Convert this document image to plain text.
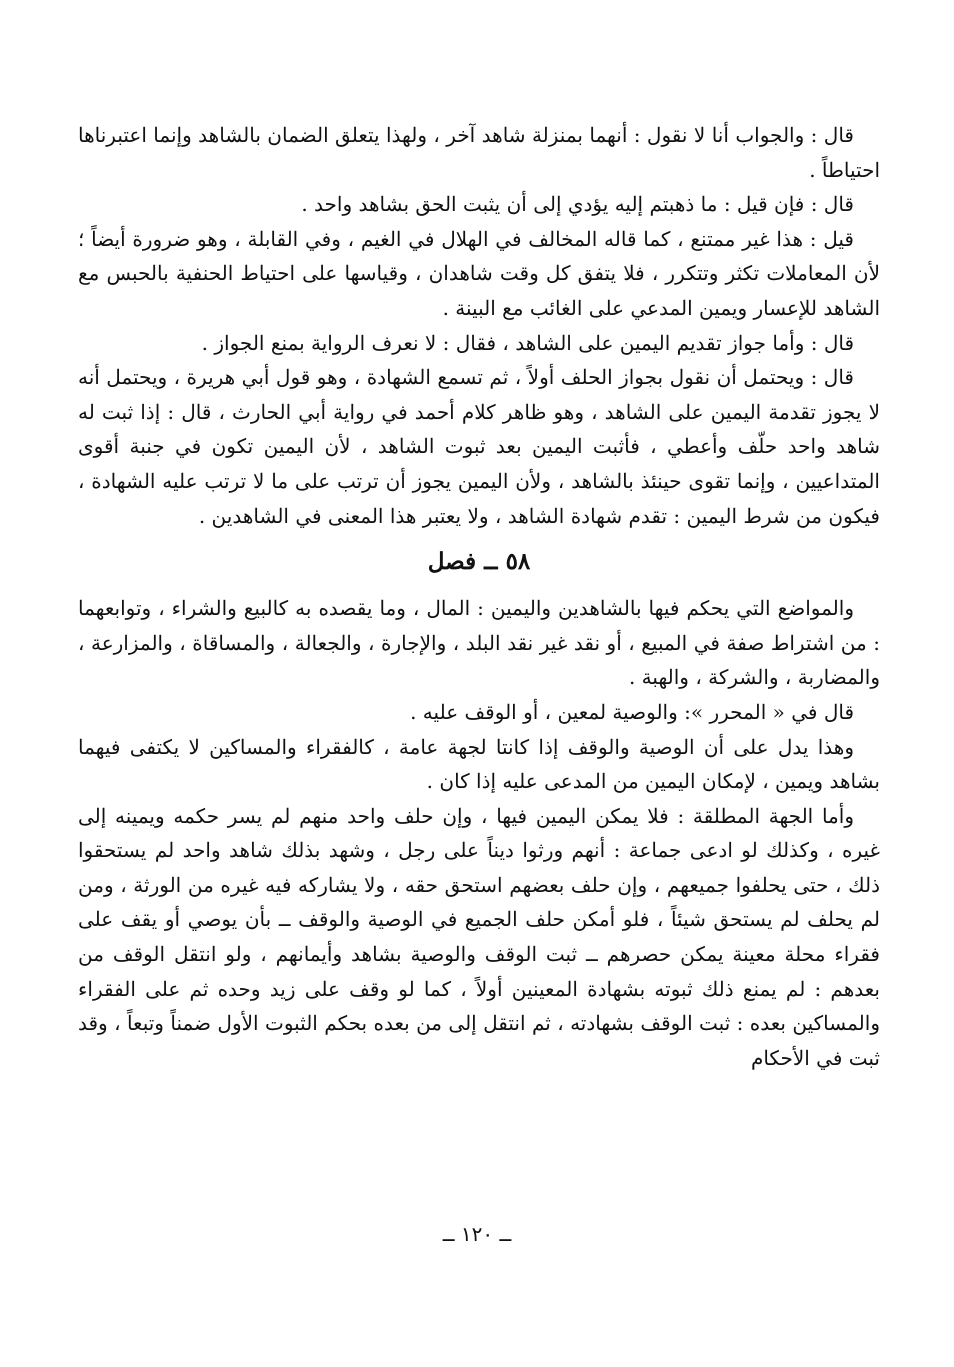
قال : والجواب أنا لا نقول : أنهما بمنزلة شاهد آخر ، ولهذا يتعلق الضمان بالشاهد وإنما اعتبرناها احتياطاً .

قال : فإن قيل : ما ذهبتم إليه يؤدي إلى أن يثبت الحق بشاهد واحد .

قيل : هذا غير ممتنع ، كما قاله المخالف في الهلال في الغيم ، وفي القابلة ، وهو ضرورة أيضاً ؛ لأن المعاملات تكثر وتتكرر ، فلا يتفق كل وقت شاهدان ، وقياسها على احتياط الحنفية بالحبس مع الشاهد للإعسار ويمين المدعي على الغائب مع البينة .

قال : وأما جواز تقديم اليمين على الشاهد ، فقال : لا نعرف الرواية بمنع الجواز .

قال : ويحتمل أن نقول بجواز الحلف أولاً ، ثم تسمع الشهادة ، وهو قول أبي هريرة ، ويحتمل أنه لا يجوز تقدمة اليمين على الشاهد ، وهو ظاهر كلام أحمد في رواية أبي الحارث ، قال : إذا ثبت له شاهد واحد حلّف وأعطي ، فأثبت اليمين بعد ثبوت الشاهد ، لأن اليمين تكون في جنبة أقوى المتداعيين ، وإنما تقوى حينئذ بالشاهد ، ولأن اليمين يجوز أن ترتب على ما لا ترتب عليه الشهادة ، فيكون من شرط اليمين : تقدم شهادة الشاهد ، ولا يعتبر هذا المعنى في الشاهدين .

٥٨ ــ فصل

والمواضع التي يحكم فيها بالشاهدين واليمين : المال ، وما يقصده به كالبيع والشراء ، وتوابعهما : من اشتراط صفة في المبيع ، أو نقد غير نقد البلد ، والإجارة ، والجعالة ، والمساقاة ، والمزارعة ، والمضاربة ، والشركة ، والهبة .

قال في « المحرر »: والوصية لمعين ، أو الوقف عليه .

وهذا يدل على أن الوصية والوقف إذا كانتا لجهة عامة ، كالفقراء والمساكين لا يكتفى فيهما بشاهد ويمين ، لإمكان اليمين من المدعى عليه إذا كان .

وأما الجهة المطلقة : فلا يمكن اليمين فيها ، وإن حلف واحد منهم لم يسر حكمه ويمينه إلى غيره ، وكذلك لو ادعى جماعة : أنهم ورثوا ديناً على رجل ، وشهد بذلك شاهد واحد لم يستحقوا ذلك ، حتى يحلفوا جميعهم ، وإن حلف بعضهم استحق حقه ، ولا يشاركه فيه غيره من الورثة ، ومن لم يحلف لم يستحق شيئاً ، فلو أمكن حلف الجميع في الوصية والوقف ــ بأن يوصي أو يقف على فقراء محلة معينة يمكن حصرهم ــ ثبت الوقف والوصية بشاهد وأيمانهم ، ولو انتقل الوقف من بعدهم : لم يمنع ذلك ثبوته بشهادة المعينين أولاً ، كما لو وقف على زيد وحده ثم على الفقراء والمساكين بعده : ثبت الوقف بشهادته ، ثم انتقل إلى من بعده بحكم الثبوت الأول ضمناً وتبعاً ، وقد ثبت في الأحكام

ــ ١٢٠ ــ
